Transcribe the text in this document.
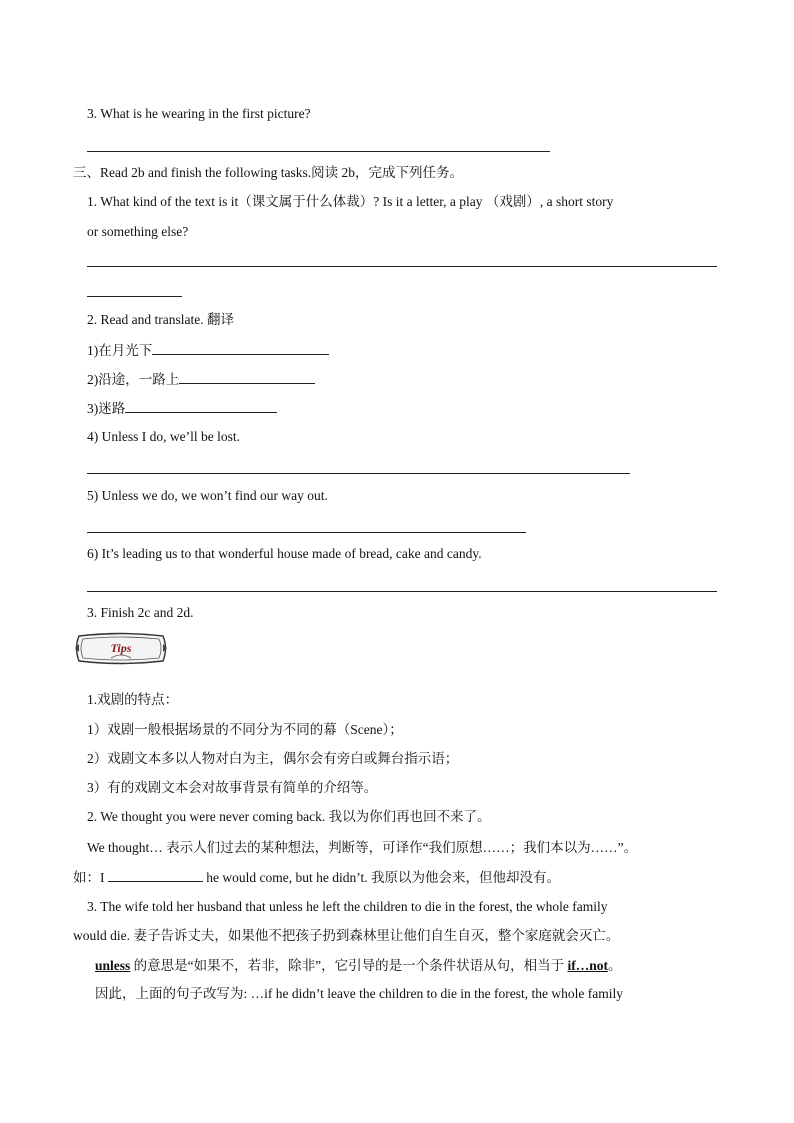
3. What is he wearing in the first picture?
三、Read 2b and finish the following tasks.阅读 2b，完成下列任务。
1. What kind of the text is it（课文属于什么体裁）? Is it a letter, a play （戏剧）, a short story
or something else?
2. Read and translate. 翻译
1)在月光下
2)沿途，一路上
3)迷路
4) Unless I do, we’ll be lost.
5) Unless we do, we won’t find our way out.
6) It’s leading us to that wonderful house made of bread, cake and candy.
3. Finish 2c and 2d.
Tips
1.戏剧的特点：
1）戏剧一般根据场景的不同分为不同的幕（Scene）；
2）戏剧文本多以人物对白为主，偶尔会有旁白或舞台指示语；
3）有的戏剧文本会对故事背景有简单的介绍等。
2. We thought you were never coming back. 我以为你们再也回不来了。
We thought… 表示人们过去的某种想法，判断等，可译作“我们原想……；我们本以为……”。
如：I	he would come, but he didn’t. 我原以为他会来，但他却没有。
3. The wife told her husband that unless he left the children to die in the forest, the whole family
would die. 妻子告诉丈夫，如果他不把孩子扔到森林里让他们自生自灭，整个家庭就会灭亡。
unless 的意思是“如果不，若非，除非”，它引导的是一个条件状语从句，相当于 if…not。
因此，上面的句子改写为: …if he didn’t leave the children to die in the forest, the whole family
